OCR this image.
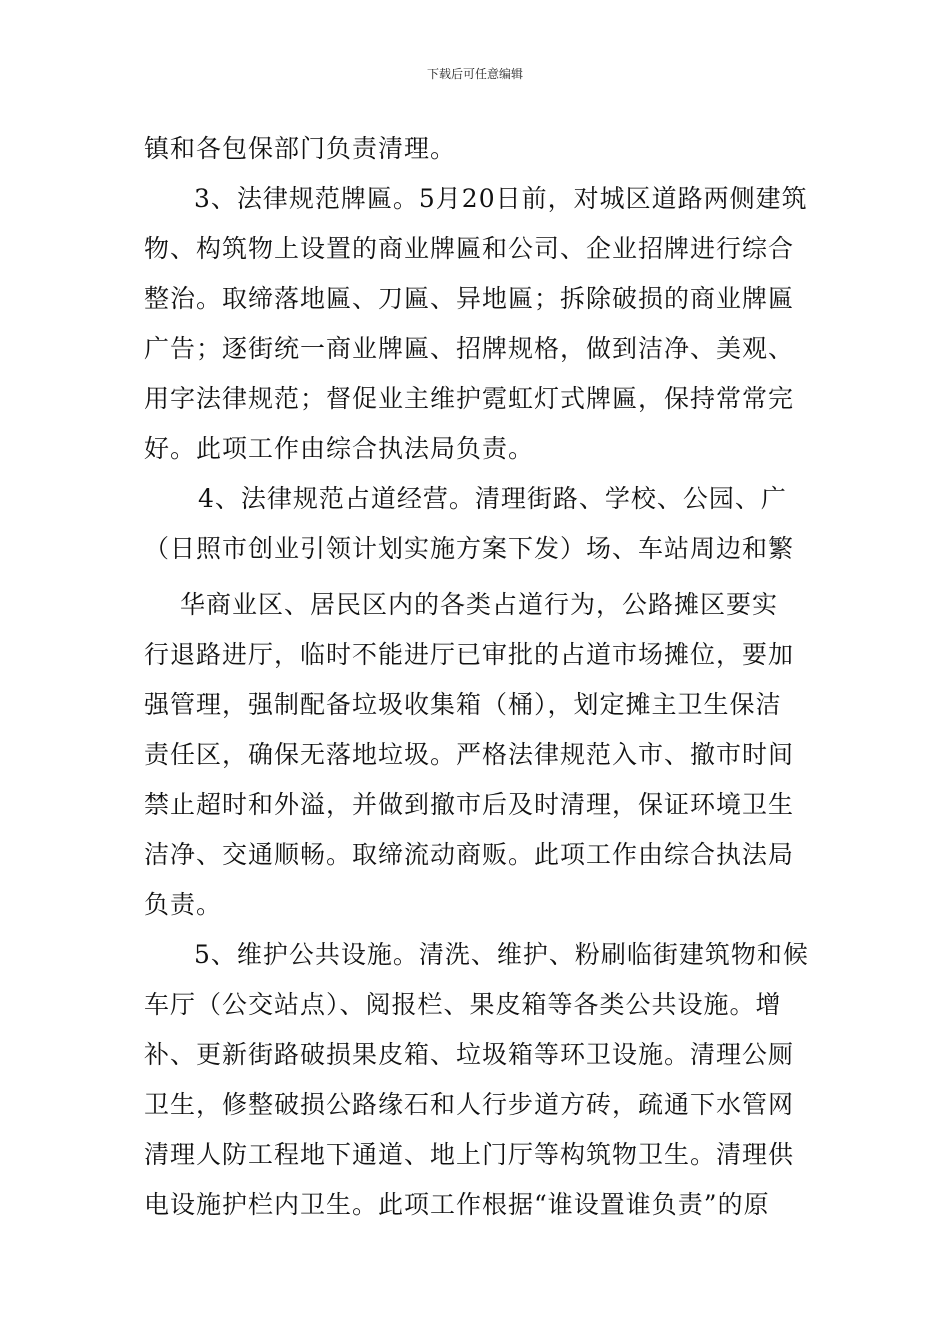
下载后可任意编辑
镇和各包保部门负责清理。
3、法律规范牌匾。5月20日前，对城区道路两侧建筑
物、构筑物上设置的商业牌匾和公司、企业招牌进行综合
整治。取缔落地匾、刀匾、异地匾；拆除破损的商业牌匾
广告；逐街统一商业牌匾、招牌规格，做到洁净、美观、
用字法律规范；督促业主维护霓虹灯式牌匾，保持常常完
好。此项工作由综合执法局负责。
4、法律规范占道经营。清理街路、学校、公园、广
（日照市创业引领计划实施方案下发）场、车站周边和繁
华商业区、居民区内的各类占道行为，公路摊区要实
行退路进厅，临时不能进厅已审批的占道市场摊位，要加
强管理，强制配备垃圾收集箱（桶），划定摊主卫生保洁
责任区，确保无落地垃圾。严格法律规范入市、撤市时间
禁止超时和外溢，并做到撤市后及时清理，保证环境卫生
洁净、交通顺畅。取缔流动商贩。此项工作由综合执法局
负责。
5、维护公共设施。清洗、维护、粉刷临街建筑物和候
车厅（公交站点）、阅报栏、果皮箱等各类公共设施。增
补、更新街路破损果皮箱、垃圾箱等环卫设施。清理公厕
卫生，修整破损公路缘石和人行步道方砖，疏通下水管网
清理人防工程地下通道、地上门厅等构筑物卫生。清理供
电设施护栏内卫生。此项工作根据“谁设置谁负责”的原
